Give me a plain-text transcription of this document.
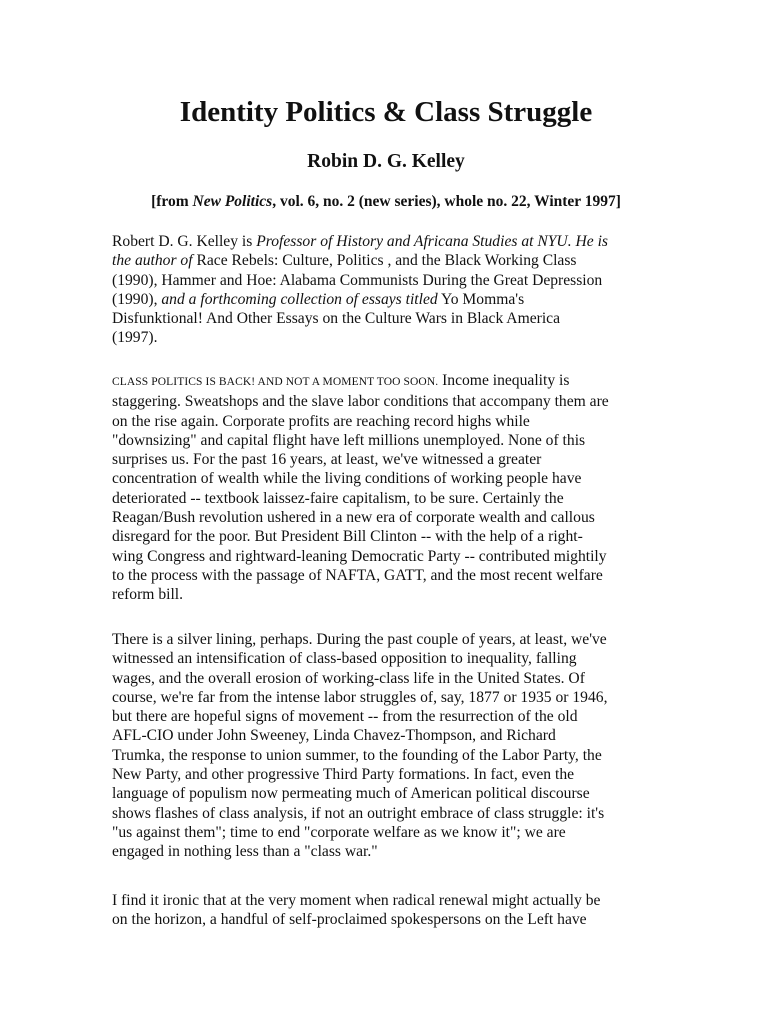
Identity Politics & Class Struggle
Robin D. G. Kelley

[from New Politics, vol. 6, no. 2 (new series), whole no. 22, Winter 1997]

Robert D. G. Kelley is Professor of History and Africana Studies at NYU. He is
the author of Race Rebels: Culture, Politics , and the Black Working Class
(1990), Hammer and Hoe: Alabama Communists During the Great Depression
(1990), and a forthcoming collection of essays titled Yo Momma's
Disfunktional! And Other Essays on the Culture Wars in Black America
(1997).
CLASS POLITICS IS BACK! AND NOT A MOMENT TOO SOON. Income inequality is
staggering. Sweatshops and the slave labor conditions that accompany them are
on the rise again. Corporate profits are reaching record highs while
"downsizing" and capital flight have left millions unemployed. None of this
surprises us. For the past 16 years, at least, we've witnessed a greater
concentration of wealth while the living conditions of working people have
deteriorated -- textbook laissez-faire capitalism, to be sure. Certainly the
Reagan/Bush revolution ushered in a new era of corporate wealth and callous
disregard for the poor. But President Bill Clinton -- with the help of a right-
wing Congress and rightward-leaning Democratic Party -- contributed mightily
to the process with the passage of NAFTA, GATT, and the most recent welfare
reform bill.
There is a silver lining, perhaps. During the past couple of years, at least, we've
witnessed an intensification of class-based opposition to inequality, falling
wages, and the overall erosion of working-class life in the United States. Of
course, we're far from the intense labor struggles of, say, 1877 or 1935 or 1946,
but there are hopeful signs of movement -- from the resurrection of the old
AFL-CIO under John Sweeney, Linda Chavez-Thompson, and Richard
Trumka, the response to union summer, to the founding of the Labor Party, the
New Party, and other progressive Third Party formations. In fact, even the
language of populism now permeating much of American political discourse
shows flashes of class analysis, if not an outright embrace of class struggle: it's
"us against them"; time to end "corporate welfare as we know it"; we are
engaged in nothing less than a "class war."
I find it ironic that at the very moment when radical renewal might actually be
on the horizon, a handful of self-proclaimed spokespersons on the Left have
